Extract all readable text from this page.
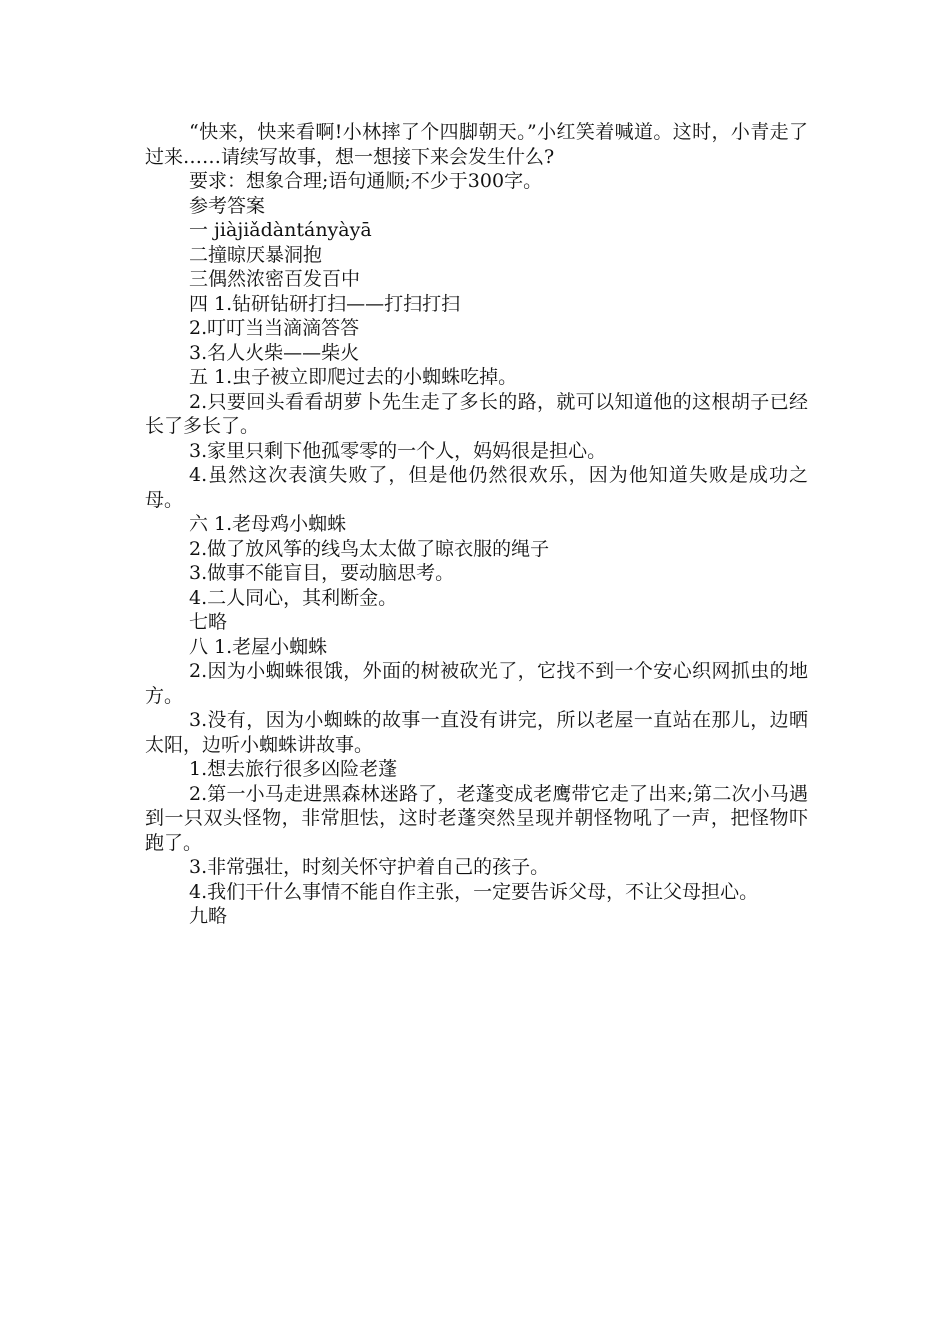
“快来，快来看啊!小林摔了个四脚朝天。”小红笑着喊道。这时，小青走了过来……请续写故事，想一想接下来会发生什么?

要求：想象合理;语句通顺;不少于300字。

参考答案

一 jiàjiǎdàntányàyā

二撞晾厌暴洞抱

三偶然浓密百发百中

四 1.钻研钻研打扫——打扫打扫

2.叮叮当当滴滴答答

3.名人火柴——柴火

五 1.虫子被立即爬过去的小蜘蛛吃掉。

2.只要回头看看胡萝卜先生走了多长的路，就可以知道他的这根胡子已经长了多长了。

3.家里只剩下他孤零零的一个人，妈妈很是担心。

4.虽然这次表演失败了，但是他仍然很欢乐，因为他知道失败是成功之母。

六 1.老母鸡小蜘蛛

2.做了放风筝的线鸟太太做了晾衣服的绳子

3.做事不能盲目，要动脑思考。

4.二人同心，其利断金。

七略

八 1.老屋小蜘蛛

2.因为小蜘蛛很饿，外面的树被砍光了，它找不到一个安心织网抓虫的地方。

3.没有，因为小蜘蛛的故事一直没有讲完，所以老屋一直站在那儿，边晒太阳，边听小蜘蛛讲故事。

1.想去旅行很多凶险老蓬

2.第一小马走进黑森林迷路了，老蓬变成老鹰带它走了出来;第二次小马遇到一只双头怪物，非常胆怯，这时老蓬突然呈现并朝怪物吼了一声，把怪物吓跑了。

3.非常强壮，时刻关怀守护着自己的孩子。

4.我们干什么事情不能自作主张，一定要告诉父母，不让父母担心。

九略
